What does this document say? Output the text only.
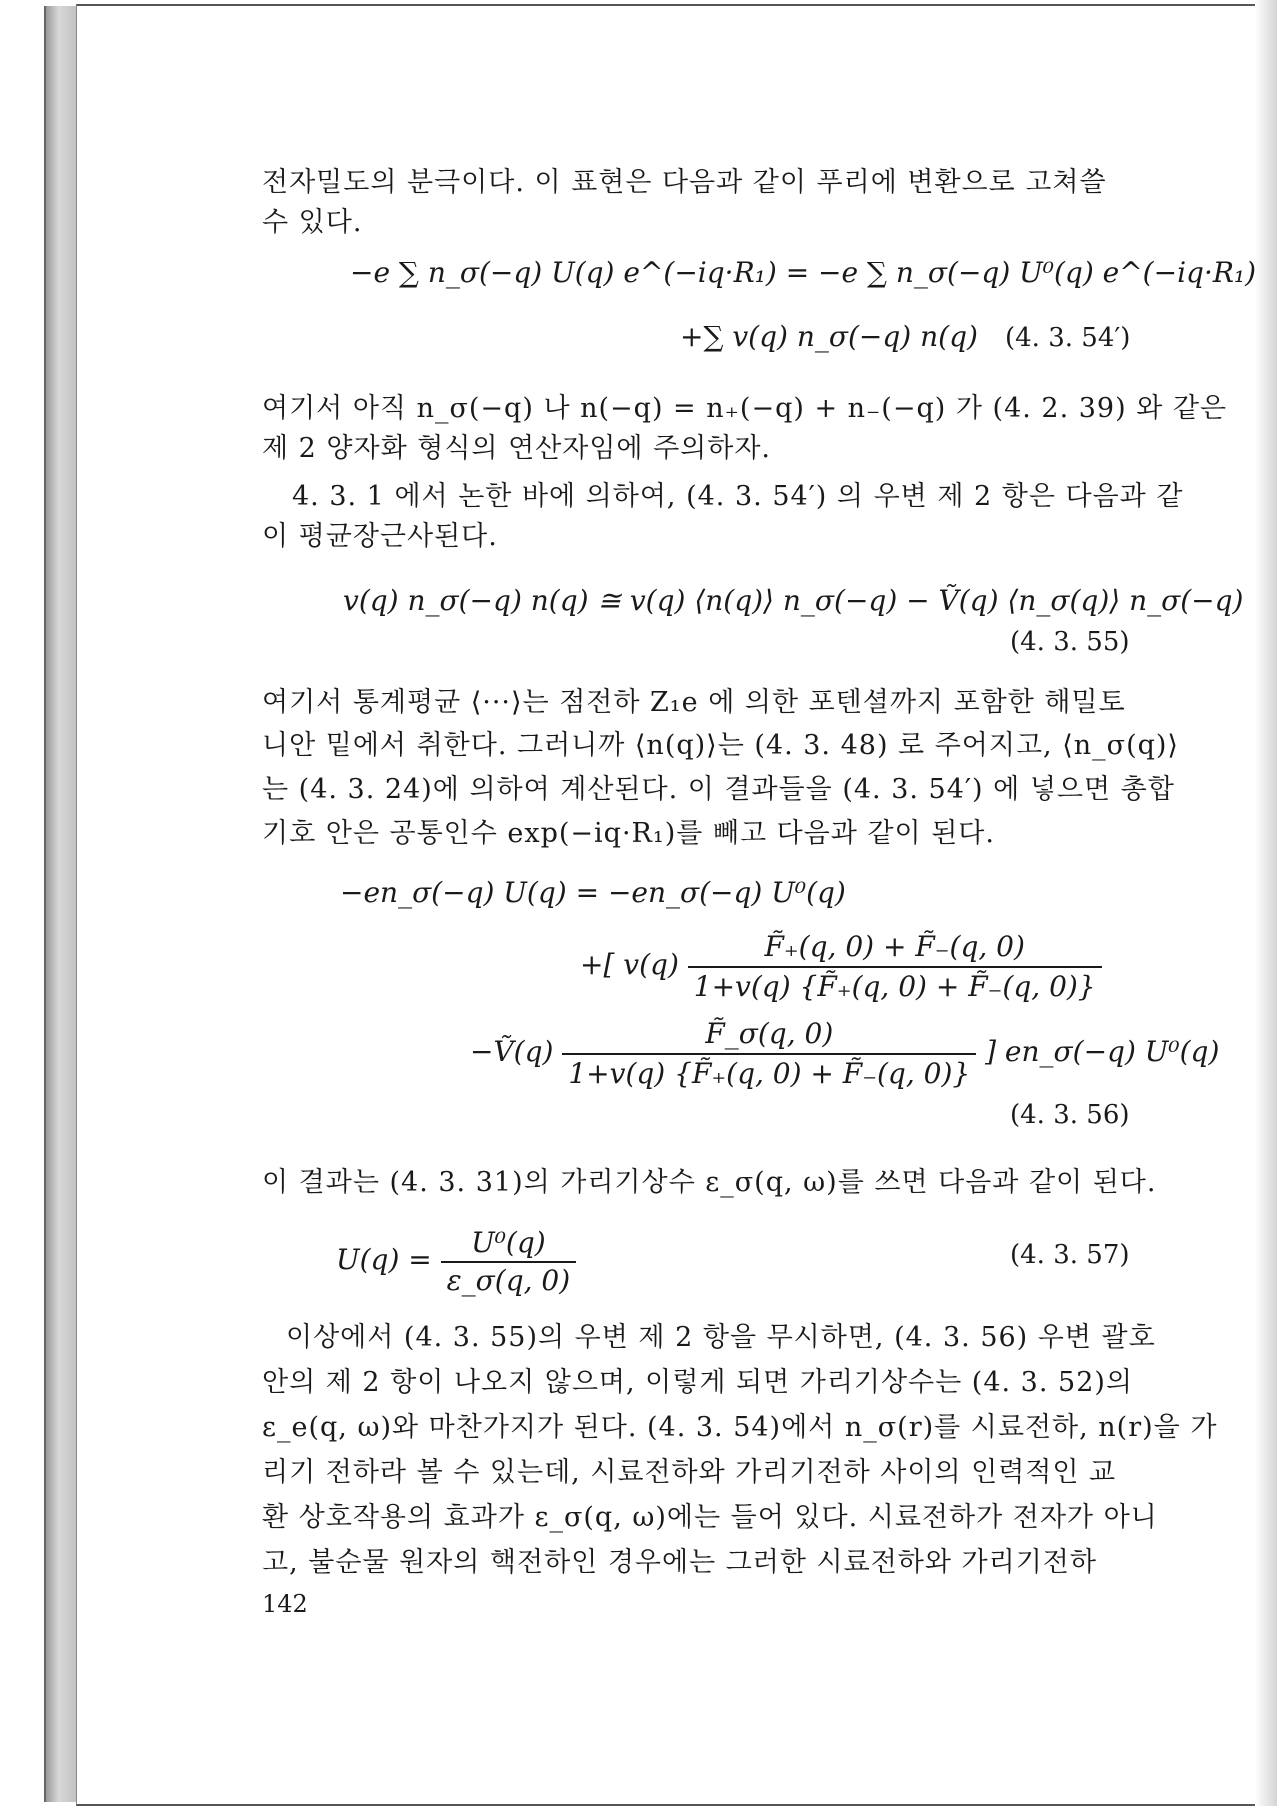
전자밀도의 분극이다. 이 표현은 다음과 같이 푸리에 변환으로 고쳐쓸
수 있다.
−e ∑ n_σ(−q) U(q) e^(−iq·R₁) = −e ∑ n_σ(−q) U⁰(q) e^(−iq·R₁)
+∑ v(q) n_σ(−q) n(q) (4. 3. 54′)
여기서 아직 n_σ(−q) 나 n(−q) = n₊(−q) + n₋(−q) 가 (4. 2. 39) 와 같은
제 2 양자화 형식의 연산자임에 주의하자.
4. 3. 1 에서 논한 바에 의하여, (4. 3. 54′) 의 우변 제 2 항은 다음과 같
이 평균장근사된다.
v(q) n_σ(−q) n(q) ≅ v(q) ⟨n(q)⟩ n_σ(−q) − Ṽ(q) ⟨n_σ(q)⟩ n_σ(−q)
(4. 3. 55)
여기서 통계평균 ⟨···⟩는 점전하 Z₁e 에 의한 포텐셜까지 포함한 해밀토
니안 밑에서 취한다. 그러니까 ⟨n(q)⟩는 (4. 3. 48) 로 주어지고, ⟨n_σ(q)⟩
는 (4. 3. 24)에 의하여 계산된다. 이 결과들을 (4. 3. 54′) 에 넣으면 총합
기호 안은 공통인수 exp(−iq·R₁)를 빼고 다음과 같이 된다.
−en_σ(−q) U(q) = −en_σ(−q) U⁰(q)
+[ $v(q) \frac{F̃_+(q, 0) + F̃_-(q, 0)}{1+v(q) \{F̃_+(q, 0) + F̃_-(q, 0)\}}$
−Ṽ(q) $\frac{F̃\_\sigma(q, 0)}{1+v(q) \{F̃_+(q, 0) + F̃_-(q, 0)\}}$ ] en_σ(−q) U⁰(q)
(4. 3. 56)
이 결과는 (4. 3. 31)의 가리기상수 ε_σ(q, ω)를 쓰면 다음과 같이 된다.
$U(q) = \frac{\text{U⁰(q)}}{\varepsilon\_\sigma(q, 0)}$	(4. 3. 57)
이상에서 (4. 3. 55)의 우변 제 2 항을 무시하면, (4. 3. 56) 우변 괄호
안의 제 2 항이 나오지 않으며, 이렇게 되면 가리기상수는 (4. 3. 52)의
ε_e(q, ω)와 마찬가지가 된다. (4. 3. 54)에서 n_σ(r)를 시료전하, n(r)을 가
리기 전하라 볼 수 있는데, 시료전하와 가리기전하 사이의 인력적인 교
환 상호작용의 효과가 ε_σ(q, ω)에는 들어 있다. 시료전하가 전자가 아니
고, 불순물 원자의 핵전하인 경우에는 그러한 시료전하와 가리기전하
142
